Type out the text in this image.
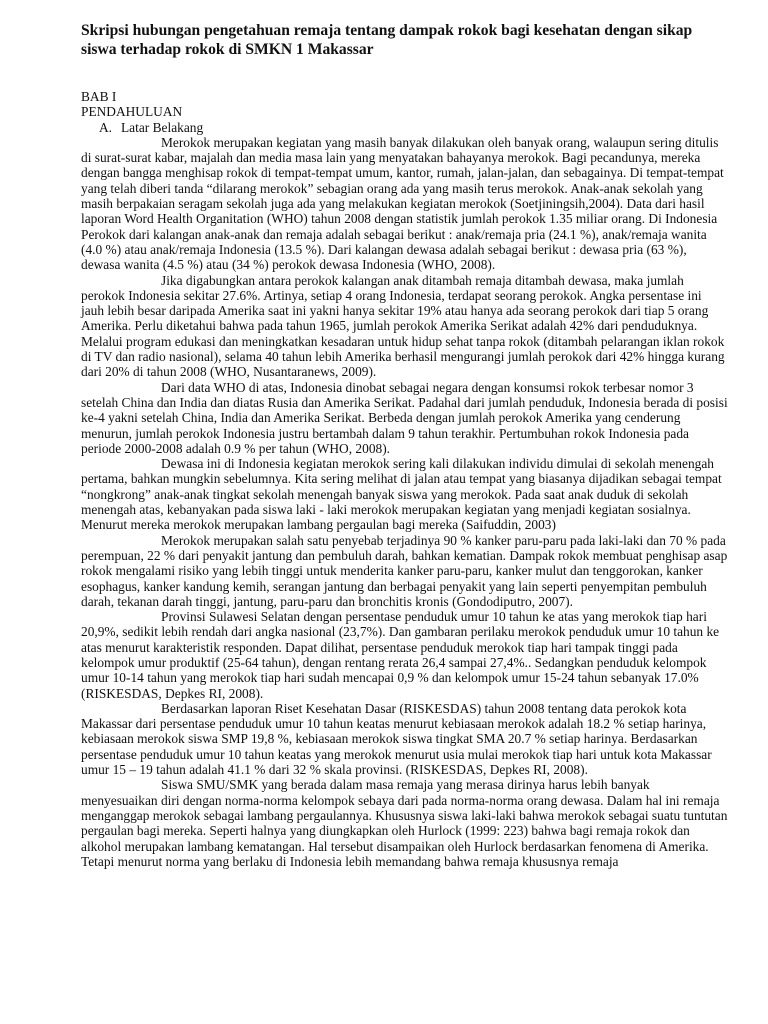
Skripsi hubungan pengetahuan remaja tentang dampak rokok bagi kesehatan dengan sikap siswa terhadap rokok di SMKN 1 Makassar
BAB I
PENDAHULUAN
A. Latar Belakang

Merokok merupakan kegiatan yang masih banyak dilakukan oleh banyak orang, walaupun sering ditulis di surat-surat kabar, majalah dan media masa lain yang menyatakan bahayanya merokok. Bagi pecandunya, mereka dengan bangga menghisap rokok di tempat-tempat umum, kantor, rumah, jalan-jalan, dan sebagainya. Di tempat-tempat yang telah diberi tanda “dilarang merokok” sebagian orang ada yang masih terus merokok. Anak-anak sekolah yang masih berpakaian seragam sekolah juga ada yang melakukan kegiatan merokok (Soetjiningsih,2004). Data dari hasil laporan Word Health Organitation (WHO) tahun 2008 dengan statistik jumlah perokok 1.35 miliar orang. Di Indonesia Perokok dari kalangan anak-anak dan remaja adalah sebagai berikut : anak/remaja pria (24.1 %), anak/remaja wanita (4.0 %) atau anak/remaja Indonesia (13.5 %). Dari kalangan dewasa adalah sebagai berikut : dewasa pria (63 %), dewasa wanita (4.5 %) atau (34 %) perokok dewasa Indonesia (WHO, 2008).

Jika digabungkan antara perokok kalangan anak ditambah remaja ditambah dewasa, maka jumlah perokok Indonesia sekitar 27.6%. Artinya, setiap 4 orang Indonesia, terdapat seorang perokok. Angka persentase ini jauh lebih besar daripada Amerika saat ini yakni hanya sekitar 19% atau hanya ada seorang perokok dari tiap 5 orang Amerika. Perlu diketahui bahwa pada tahun 1965, jumlah perokok Amerika Serikat adalah 42% dari penduduknya. Melalui program edukasi dan meningkatkan kesadaran untuk hidup sehat tanpa rokok (ditambah pelarangan iklan rokok di TV dan radio nasional), selama 40 tahun lebih Amerika berhasil mengurangi jumlah perokok dari 42% hingga kurang dari 20% di tahun 2008 (WHO, Nusantaranews, 2009).

Dari data WHO di atas, Indonesia dinobat sebagai negara dengan konsumsi rokok terbesar nomor 3 setelah China dan India dan diatas Rusia dan Amerika Serikat. Padahal dari jumlah penduduk, Indonesia berada di posisi ke-4 yakni setelah China, India dan Amerika Serikat. Berbeda dengan jumlah perokok Amerika yang cenderung menurun, jumlah perokok Indonesia justru bertambah dalam 9 tahun terakhir. Pertumbuhan rokok Indonesia pada periode 2000-2008 adalah 0.9 % per tahun (WHO, 2008).

Dewasa ini di Indonesia kegiatan merokok sering kali dilakukan individu dimulai di sekolah menengah pertama, bahkan mungkin sebelumnya. Kita sering melihat di jalan atau tempat yang biasanya dijadikan sebagai tempat “nongkrong” anak-anak tingkat sekolah menengah banyak siswa yang merokok. Pada saat anak duduk di sekolah menengah atas, kebanyakan pada siswa laki - laki merokok merupakan kegiatan yang menjadi kegiatan sosialnya. Menurut mereka merokok merupakan lambang pergaulan bagi mereka (Saifuddin, 2003)

Merokok merupakan salah satu penyebab terjadinya 90 % kanker paru-paru pada laki-laki dan 70 % pada perempuan, 22 % dari penyakit jantung dan pembuluh darah, bahkan kematian. Dampak rokok membuat penghisap asap rokok mengalami risiko yang lebih tinggi untuk menderita kanker paru-paru, kanker mulut dan tenggorokan, kanker esophagus, kanker kandung kemih, serangan jantung dan berbagai penyakit yang lain seperti penyempitan pembuluh darah, tekanan darah tinggi, jantung, paru-paru dan bronchitis kronis (Gondodiputro, 2007).

Provinsi Sulawesi Selatan dengan persentase penduduk umur 10 tahun ke atas yang merokok tiap hari 20,9%, sedikit lebih rendah dari angka nasional (23,7%). Dan gambaran perilaku merokok penduduk umur 10 tahun ke atas menurut karakteristik responden. Dapat dilihat, persentase penduduk merokok tiap hari tampak tinggi pada kelompok umur produktif (25-64 tahun), dengan rentang rerata 26,4 sampai 27,4%.. Sedangkan penduduk kelompok umur 10-14 tahun yang merokok tiap hari sudah mencapai 0,9 % dan kelompok umur 15-24 tahun sebanyak 17.0% (RISKESDAS, Depkes RI, 2008).

Berdasarkan laporan Riset Kesehatan Dasar (RISKESDAS) tahun 2008 tentang data perokok kota Makassar dari persentase penduduk umur 10 tahun keatas menurut kebiasaan merokok adalah 18.2 % setiap harinya, kebiasaan merokok siswa SMP 19,8 %, kebiasaan merokok siswa tingkat SMA 20.7 % setiap harinya. Berdasarkan persentase penduduk umur 10 tahun keatas yang merokok menurut usia mulai merokok tiap hari untuk kota Makassar umur 15 – 19 tahun adalah 41.1 % dari 32 % skala provinsi. (RISKESDAS, Depkes RI, 2008).

Siswa SMU/SMK yang berada dalam masa remaja yang merasa dirinya harus lebih banyak menyesuaikan diri dengan norma-norma kelompok sebaya dari pada norma-norma orang dewasa. Dalam hal ini remaja menganggap merokok sebagai lambang pergaulannya. Khususnya siswa laki-laki bahwa merokok sebagai suatu tuntutan pergaulan bagi mereka. Seperti halnya yang diungkapkan oleh Hurlock (1999: 223) bahwa bagi remaja rokok dan alkohol merupakan lambang kematangan. Hal tersebut disampaikan oleh Hurlock berdasarkan fenomena di Amerika. Tetapi menurut norma yang berlaku di Indonesia lebih memandang bahwa remaja khususnya remaja
